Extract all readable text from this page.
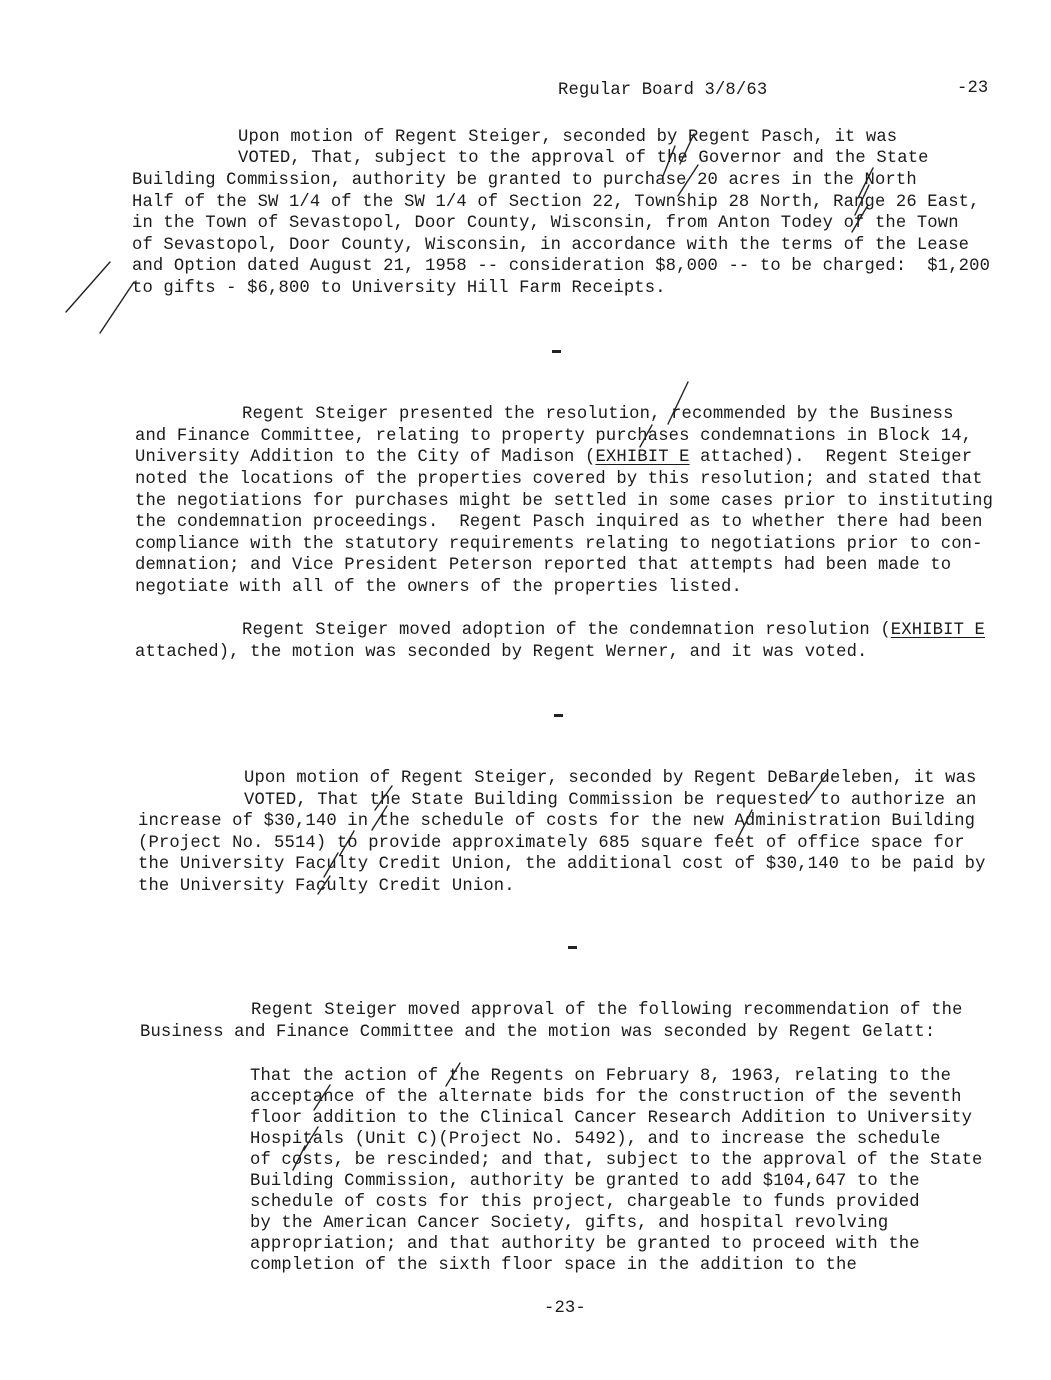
Regular Board 3/8/63	-23
Upon motion of Regent Steiger, seconded by Regent Pasch, it was
VOTED, That, subject to the approval of the Governor and the State
Building Commission, authority be granted to purchase 20 acres in the North
Half of the SW 1/4 of the SW 1/4 of Section 22, Township 28 North, Range 26 East,
in the Town of Sevastopol, Door County, Wisconsin, from Anton Todey of the Town
of Sevastopol, Door County, Wisconsin, in accordance with the terms of the Lease
and Option dated August 21, 1958 -- consideration $8,000 -- to be charged:  $1,200
to gifts - $6,800 to University Hill Farm Receipts.
Regent Steiger presented the resolution, recommended by the Business
and Finance Committee, relating to property purchases condemnations in Block 14,
University Addition to the City of Madison (EXHIBIT E attached).  Regent Steiger
noted the locations of the properties covered by this resolution; and stated that
the negotiations for purchases might be settled in some cases prior to instituting
the condemnation proceedings.  Regent Pasch inquired as to whether there had been
compliance with the statutory requirements relating to negotiations prior to con-
demnation; and Vice President Peterson reported that attempts had been made to
negotiate with all of the owners of the properties listed.
Regent Steiger moved adoption of the condemnation resolution (EXHIBIT E
attached), the motion was seconded by Regent Werner, and it was voted.
Upon motion of Regent Steiger, seconded by Regent DeBardeleben, it was
VOTED, That the State Building Commission be requested to authorize an
increase of $30,140 in the schedule of costs for the new Administration Building
(Project No. 5514) to provide approximately 685 square feet of office space for
the University Faculty Credit Union, the additional cost of $30,140 to be paid by
the University Faculty Credit Union.
Regent Steiger moved approval of the following recommendation of the
Business and Finance Committee and the motion was seconded by Regent Gelatt:
That the action of the Regents on February 8, 1963, relating to the
acceptance of the alternate bids for the construction of the seventh
floor addition to the Clinical Cancer Research Addition to University
Hospitals (Unit C)(Project No. 5492), and to increase the schedule
of costs, be rescinded; and that, subject to the approval of the State
Building Commission, authority be granted to add $104,647 to the
schedule of costs for this project, chargeable to funds provided
by the American Cancer Society, gifts, and hospital revolving
appropriation; and that authority be granted to proceed with the
completion of the sixth floor space in the addition to the
-23-
